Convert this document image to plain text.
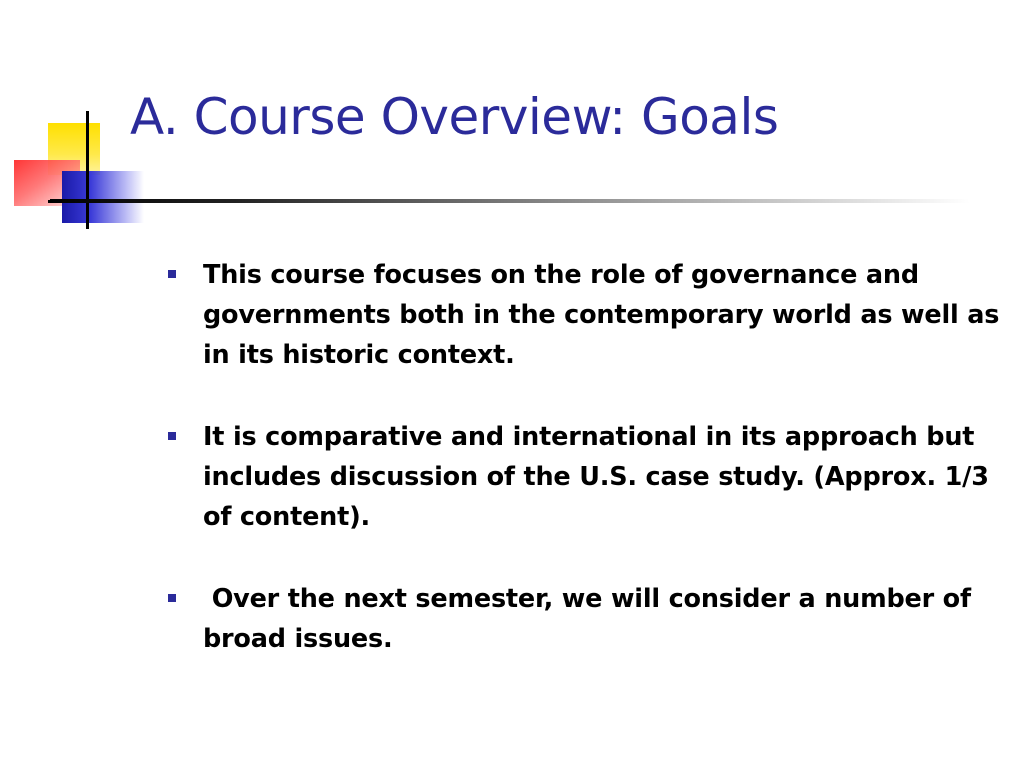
A. Course Overview: Goals
This course focuses on the role of governance and governments both in the contemporary world as well as in its historic context.
It is comparative and international in its approach but includes discussion of the U.S. case study. (Approx. 1/3 of content).
Over the next semester, we will consider a number of broad issues.
